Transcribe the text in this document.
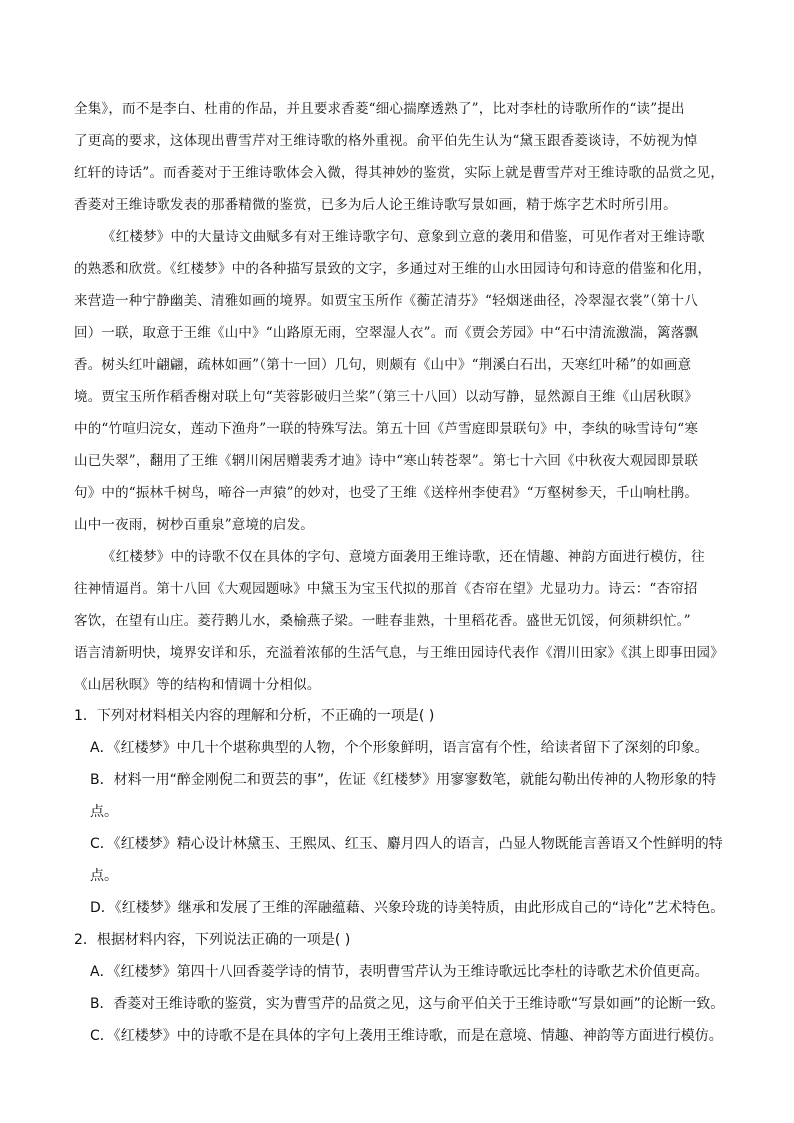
全集》，而不是李白、杜甫的作品，并且要求香菱“细心揣摩透熟了”，比对李杜的诗歌所作的“读”提出
了更高的要求，这体现出曹雪芹对王维诗歌的格外重视。俞平伯先生认为“黛玉跟香菱谈诗，不妨视为悼
红轩的诗话”。而香菱对于王维诗歌体会入微，得其神妙的鉴赏，实际上就是曹雪芹对王维诗歌的品赏之见，
香菱对王维诗歌发表的那番精微的鉴赏，已多为后人论王维诗歌写景如画，精于炼字艺术时所引用。
《红楼梦》中的大量诗文曲赋多有对王维诗歌字句、意象到立意的袭用和借鉴，可见作者对王维诗歌
的熟悉和欣赏。《红楼梦》中的各种描写景致的文字，多通过对王维的山水田园诗句和诗意的借鉴和化用，
来营造一种宁静幽美、清雅如画的境界。如贾宝玉所作《蘅芷清芬》“轻烟迷曲径，冷翠湿衣裳”（第十八
回）一联，取意于王维《山中》“山路原无雨，空翠湿人衣”。而《贾会芳园》中“石中清流激湍，篱落飘
香。树头红叶翩翩，疏林如画”（第十一回）几句，则颇有《山中》“荆溪白石出，天寒红叶稀”的如画意
境。贾宝玉所作稻香榭对联上句“芙蓉影破归兰桨”（第三十八回）以动写静，显然源自王维《山居秋暝》
中的“竹喧归浣女，莲动下渔舟”一联的特殊写法。第五十回《芦雪庭即景联句》中，李纨的咏雪诗句“寒
山已失翠”，翻用了王维《辋川闲居赠裴秀才迪》诗中“寒山转苍翠”。第七十六回《中秋夜大观园即景联
句》中的“振林千树鸟，啼谷一声猿”的妙对，也受了王维《送梓州李使君》“万壑树参天，千山响杜鹃。
山中一夜雨，树杪百重泉”意境的启发。
《红楼梦》中的诗歌不仅在具体的字句、意境方面袭用王维诗歌，还在情趣、神韵方面进行模仿，往
往神情逼肖。第十八回《大观园题咏》中黛玉为宝玉代拟的那首《杏帘在望》尤显功力。诗云：“杏帘招
客饮，在望有山庄。菱荇鹅儿水，桑榆燕子梁。一畦春韭熟，十里稻花香。盛世无饥馁，何须耕织忙。”
语言清新明快，境界安详和乐，充溢着浓郁的生活气息，与王维田园诗代表作《渭川田家》《淇上即事田园》
《山居秋暝》等的结构和情调十分相似。
1．下列对材料相关内容的理解和分析，不正确的一项是( )
A．《红楼梦》中几十个堪称典型的人物，个个形象鲜明，语言富有个性，给读者留下了深刻的印象。
B．材料一用“醉金刚倪二和贾芸的事”，佐证《红楼梦》用寥寥数笔，就能勾勒出传神的人物形象的特
点。
C．《红楼梦》精心设计林黛玉、王熙凤、红玉、麝月四人的语言，凸显人物既能言善语又个性鲜明的特
点。
D．《红楼梦》继承和发展了王维的浑融蕴藉、兴象玲珑的诗美特质，由此形成自己的“诗化”艺术特色。
2．根据材料内容，下列说法正确的一项是( )
A．《红楼梦》第四十八回香菱学诗的情节，表明曹雪芹认为王维诗歌远比李杜的诗歌艺术价值更高。
B．香菱对王维诗歌的鉴赏，实为曹雪芹的品赏之见，这与俞平伯关于王维诗歌“写景如画”的论断一致。
C．《红楼梦》中的诗歌不是在具体的字句上袭用王维诗歌，而是在意境、情趣、神韵等方面进行模仿。
